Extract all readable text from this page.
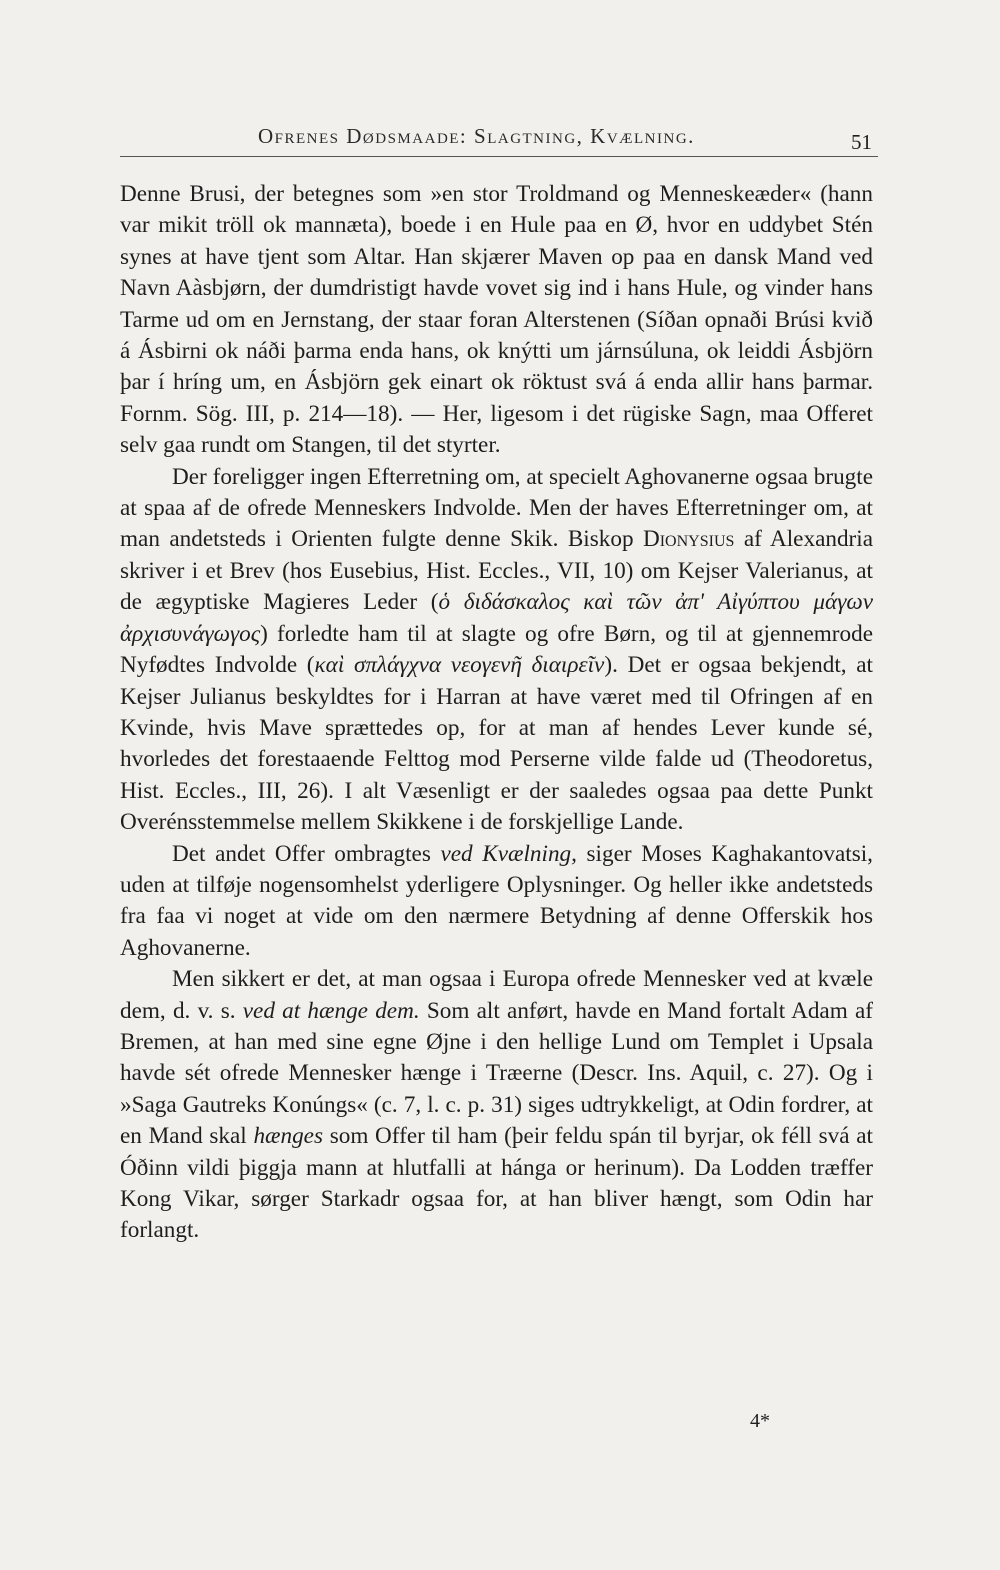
Ofrenes Dødsmaade: Slagtning, Kvælning.	51

Denne Brusi, der betegnes som »en stor Troldmand og Menneskeæder« (hann var mikit tröll ok mannæta), boede i en Hule paa en Ø, hvor en uddybet Stén synes at have tjent som Altar. Han skjærer Maven op paa en dansk Mand ved Navn Aàsbjørn, der dumdristigt havde vovet sig ind i hans Hule, og vinder hans Tarme ud om en Jernstang, der staar foran Alterstenen (Síðan opnaði Brúsi kvið á Ásbirni ok náði þarma enda hans, ok knýtti um járnsúluna, ok leiddi Ásbjörn þar í hríng um, en Ásbjörn gek einart ok röktust svá á enda allir hans þarmar. Fornm. Sög. III, p. 214—18). — Her, ligesom i det rügiske Sagn, maa Offeret selv gaa rundt om Stangen, til det styrter.

Der foreligger ingen Efterretning om, at specielt Aghovanerne ogsaa brugte at spaa af de ofrede Menneskers Indvolde. Men der haves Efterretninger om, at man andetsteds i Orienten fulgte denne Skik. Biskop Dionysius af Alexandria skriver i et Brev (hos Eusebius, Hist. Eccles., VII, 10) om Kejser Valerianus, at de ægyptiske Magieres Leder (ὁ διδάσκαλος καὶ τῶν ἀπ' Αἰγύπτου μάγων ἀρχισυνάγωγος) forledte ham til at slagte og ofre Børn, og til at gjennemrode Nyfødtes Indvolde (καὶ σπλάγχνα νεογενῆ διαιρεῖν). Det er ogsaa bekjendt, at Kejser Julianus beskyldtes for i Harran at have været med til Ofringen af en Kvinde, hvis Mave sprættedes op, for at man af hendes Lever kunde sé, hvorledes det forestaaende Felttog mod Perserne vilde falde ud (Theodoretus, Hist. Eccles., III, 26). I alt Væsenligt er der saaledes ogsaa paa dette Punkt Overénsstemmelse mellem Skikkene i de forskjellige Lande.

Det andet Offer ombragtes ved Kvælning, siger Moses Kaghakantovatsi, uden at tilføje nogensomhelst yderligere Oplysninger. Og heller ikke andetsteds fra faa vi noget at vide om den nærmere Betydning af denne Offerskik hos Aghovanerne.

Men sikkert er det, at man ogsaa i Europa ofrede Mennesker ved at kvæle dem, d. v. s. ved at hænge dem. Som alt anført, havde en Mand fortalt Adam af Bremen, at han med sine egne Øjne i den hellige Lund om Templet i Upsala havde sét ofrede Mennesker hænge i Træerne (Descr. Ins. Aquil, c. 27). Og i »Saga Gautreks Konúngs« (c. 7, l. c. p. 31) siges udtrykkeligt, at Odin fordrer, at en Mand skal hænges som Offer til ham (þeir feldu spán til byrjar, ok féll svá at Óðinn vildi þiggja mann at hlutfalli at hánga or herinum). Da Lodden træffer Kong Vikar, sørger Starkadr ogsaa for, at han bliver hængt, som Odin har forlangt.

4*
